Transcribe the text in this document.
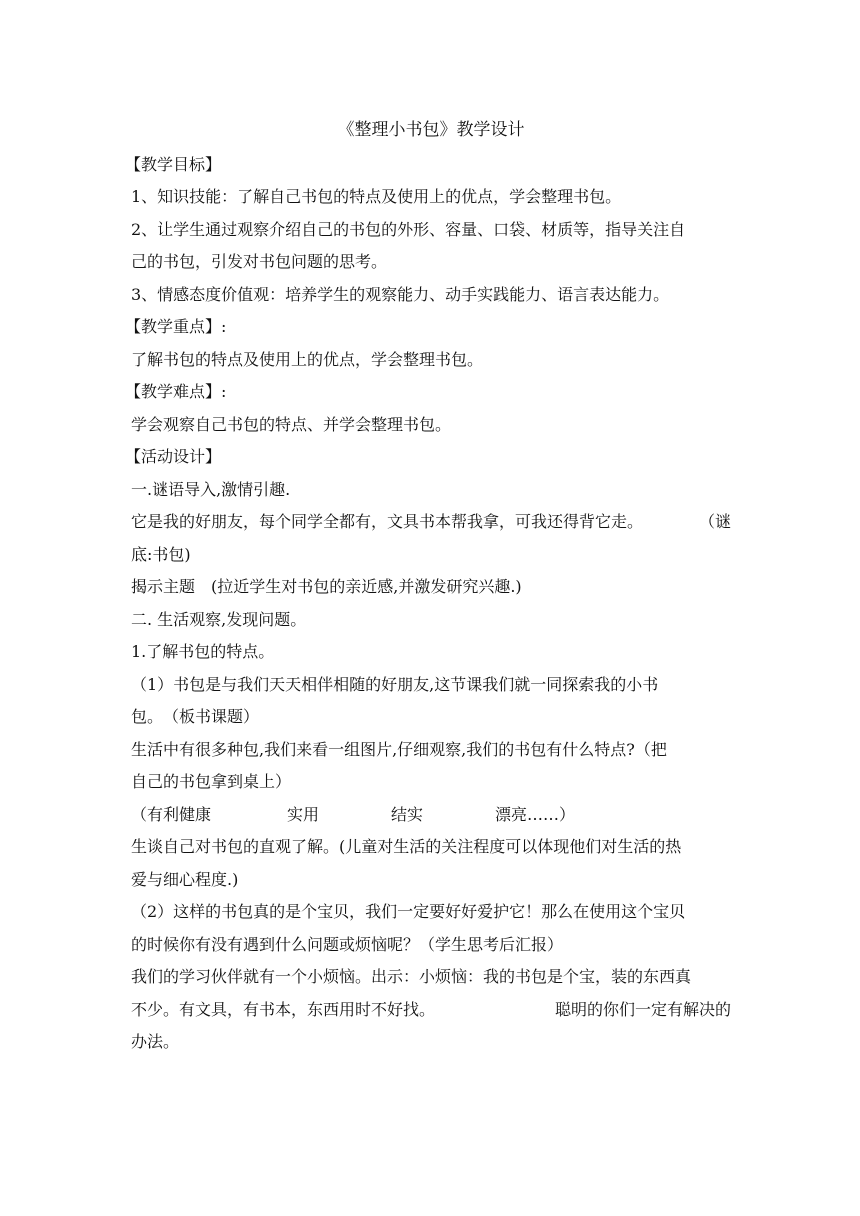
《整理小书包》教学设计

【教学目标】

1、知识技能：了解自己书包的特点及使用上的优点，学会整理书包。

2、让学生通过观察介绍自己的书包的外形、容量、口袋、材质等，指导关注自

己的书包，引发对书包问题的思考。

3、情感态度价值观：培养学生的观察能力、动手实践能力、语言表达能力。

【教学重点】:

了解书包的特点及使用上的优点，学会整理书包。

【教学难点】:

学会观察自己书包的特点、并学会整理书包。

【活动设计】

一.谜语导入,激情引趣.

它是我的好朋友，每个同学全都有，文具书本帮我拿，可我还得背它走。	（谜

底:书包)

揭示主题　(拉近学生对书包的亲近感,并激发研究兴趣.)

二. 生活观察,发现问题。

1.了解书包的特点。

（1）书包是与我们天天相伴相随的好朋友,这节课我们就一同探索我的小书

包。　（板书课题）

生活中有很多种包,我们来看一组图片,仔细观察,我们的书包有什么特点?（把

自己的书包拿到桌上）

（有利健康	实用	结实	漂亮……）

生谈自己对书包的直观了解。(儿童对生活的关注程度可以体现他们对生活的热

爱与细心程度.)

（2）这样的书包真的是个宝贝，我们一定要好好爱护它！那么在使用这个宝贝

的时候你有没有遇到什么问题或烦恼呢？（学生思考后汇报）

我们的学习伙伴就有一个小烦恼。出示：小烦恼：我的书包是个宝，装的东西真

不少。有文具，有书本，东西用时不好找。	聪明的你们一定有解决的

办法。
